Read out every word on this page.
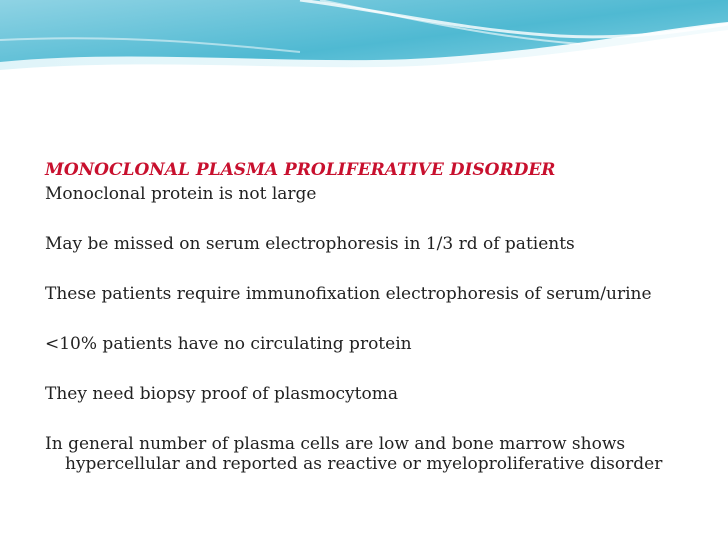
MONOCLONAL PLASMA PROLIFERATIVE DISORDER

Monoclonal protein is not large

May be missed on serum electrophoresis in 1/3 rd of patients

These patients require immunofixation electrophoresis of serum/urine

<10% patients have no circulating protein

They need biopsy proof of plasmocytoma

In general number of plasma cells are low and bone marrow shows

hypercellular and reported as reactive or myeloproliferative disorder
